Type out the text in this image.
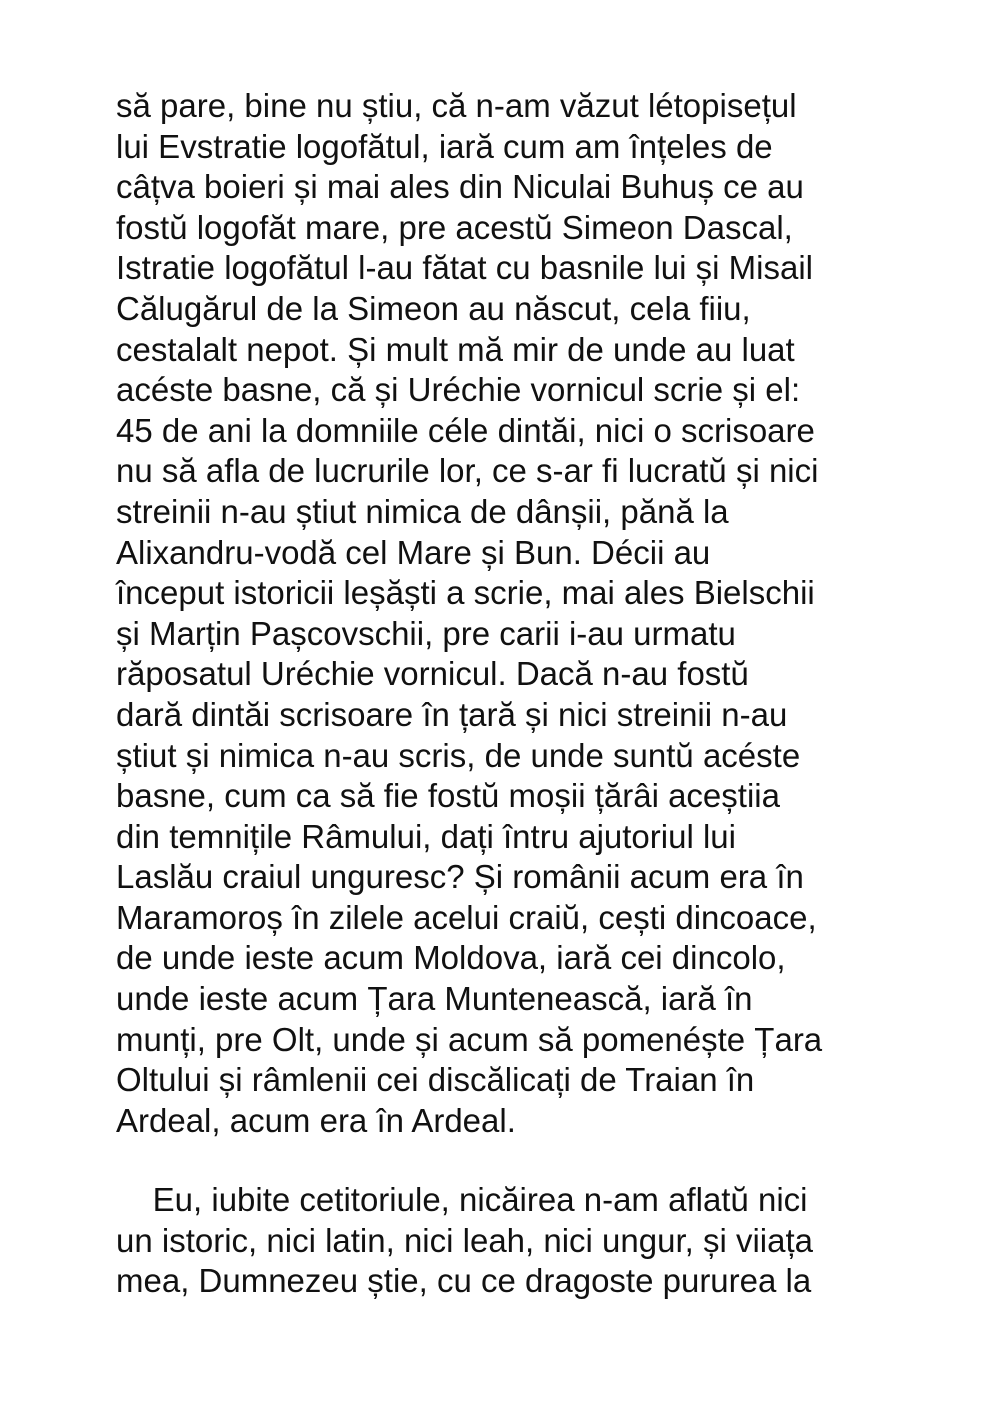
să pare, bine nu știu, că n-am văzut létopisețul
lui Evstratie logofătul, iară cum am înțeles de
câțva boieri și mai ales din Niculai Buhuș ce au
fostŭ logofăt mare, pre acestŭ Simeon Dascal,
Istratie logofătul l-au fătat cu basnile lui și Misail
Călugărul de la Simeon au născut, cela fiiu,
cestalalt nepot. Și mult mă mir de unde au luat
acéste basne, că și Uréchie vornicul scrie și el:
45 de ani la domniile céle dintăi, nici o scrisoare
nu să afla de lucrurile lor, ce s-ar fi lucratŭ și nici
streinii n-au știut nimica de dânșii, pănă la
Alixandru-vodă cel Mare și Bun. Décii au
început istoricii leșăști a scrie, mai ales Bielschii
și Marțin Pașcovschii, pre carii i-au urmatu
răposatul Uréchie vornicul. Dacă n-au fostŭ
dară dintăi scrisoare în țară și nici streinii n-au
știut și nimica n-au scris, de unde suntŭ acéste
basne, cum ca să fie fostŭ moșii țărâi aceștiia
din temnițile Râmului, dați întru ajutoriul lui
Laslău craiul unguresc? Și românii acum era în
Maramoroș în zilele acelui craiŭ, cești dincoace,
de unde ieste acum Moldova, iară cei dincolo,
unde ieste acum Țara Muntenească, iară în
munți, pre Olt, unde și acum să pomenéște Țara
Oltului și râmlenii cei discălicați de Traian în
Ardeal, acum era în Ardeal.
Eu, iubite cetitoriule, nicăirea n-am aflatŭ nici
un istoric, nici latin, nici leah, nici ungur, și viiața
mea, Dumnezeu știe, cu ce dragoste pururea la
